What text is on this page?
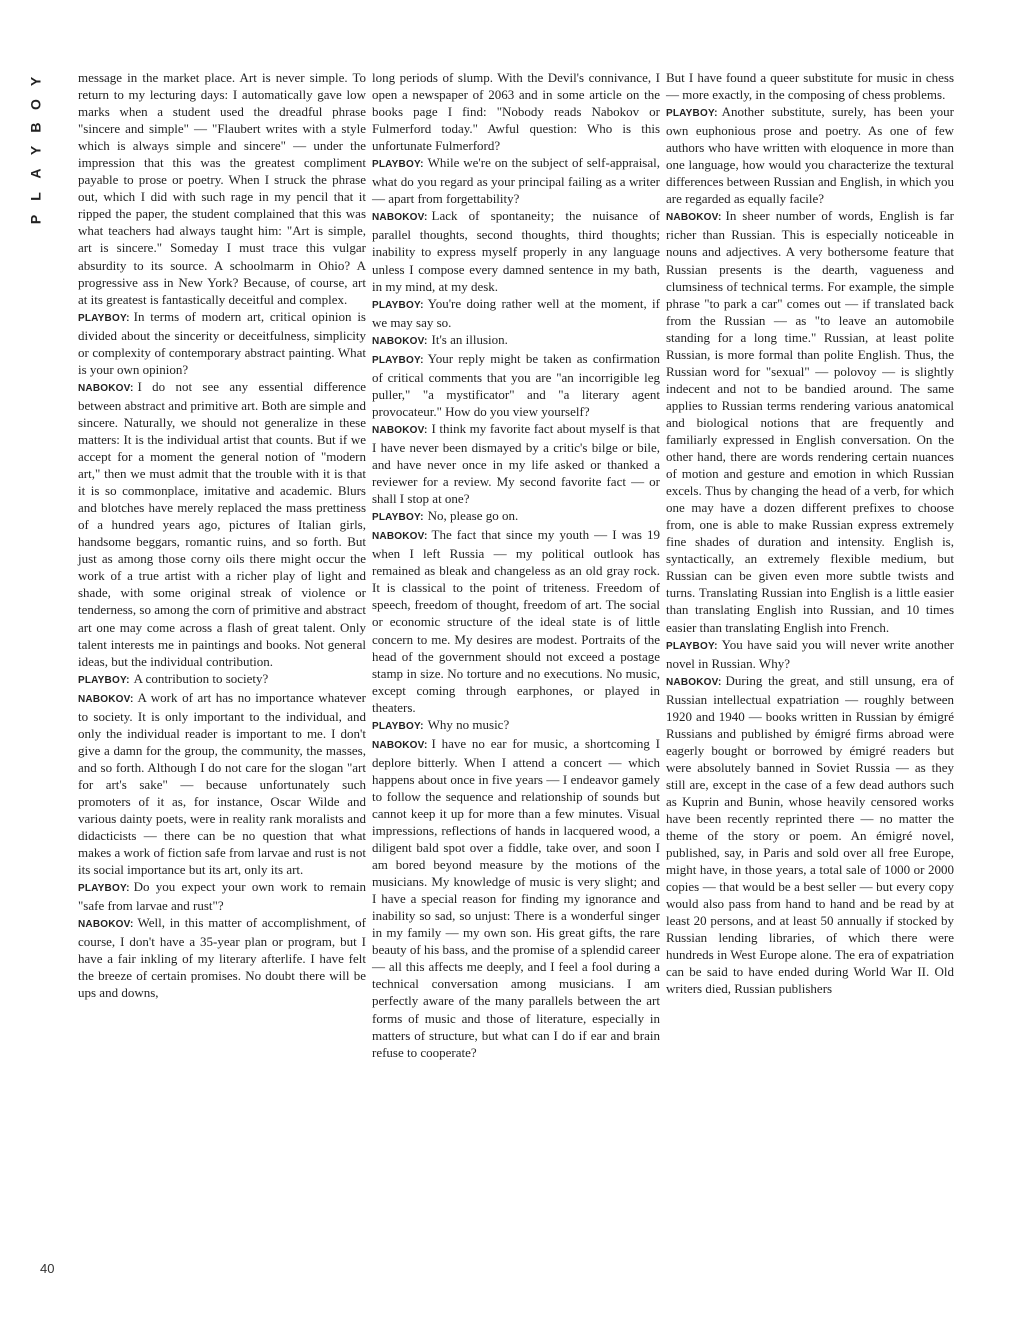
Y
O
B
Y
A
L
P

message in the market place. Art is never simple. To return to my lecturing days: I automatically gave low marks when a student used the dreadful phrase "sincere and simple" — "Flaubert writes with a style which is always simple and sincere" — under the impression that this was the greatest compliment payable to prose or poetry. When I struck the phrase out, which I did with such rage in my pencil that it ripped the paper, the student complained that this was what teachers had always taught him: "Art is simple, art is sincere." Someday I must trace this vulgar absurdity to its source. A schoolmarm in Ohio? A progressive ass in New York? Because, of course, art at its greatest is fantastically deceitful and complex.

PLAYBOY: In terms of modern art, critical opinion is divided about the sincerity or deceitfulness, simplicity or complexity of contemporary abstract painting. What is your own opinion?

NABOKOV: I do not see any essential difference between abstract and primitive art. Both are simple and sincere. Naturally, we should not generalize in these matters: It is the individual artist that counts. But if we accept for a moment the general notion of "modern art," then we must admit that the trouble with it is that it is so commonplace, imitative and academic. Blurs and blotches have merely replaced the mass prettiness of a hundred years ago, pictures of Italian girls, handsome beggars, romantic ruins, and so forth. But just as among those corny oils there might occur the work of a true artist with a richer play of light and shade, with some original streak of violence or tenderness, so among the corn of primitive and abstract art one may come across a flash of great talent. Only talent interests me in paintings and books. Not general ideas, but the individual contribution.

PLAYBOY: A contribution to society?

NABOKOV: A work of art has no importance whatever to society. It is only important to the individual, and only the individual reader is important to me. I don't give a damn for the group, the community, the masses, and so forth. Although I do not care for the slogan "art for art's sake" — because unfortunately such promoters of it as, for instance, Oscar Wilde and various dainty poets, were in reality rank moralists and didacticists — there can be no question that what makes a work of fiction safe from larvae and rust is not its social importance but its art, only its art.

PLAYBOY: Do you expect your own work to remain "safe from larvae and rust"?

NABOKOV: Well, in this matter of accomplishment, of course, I don't have a 35-year plan or program, but I have a fair inkling of my literary afterlife. I have felt the breeze of certain promises. No doubt there will be ups and downs,

long periods of slump. With the Devil's connivance, I open a newspaper of 2063 and in some article on the books page I find: "Nobody reads Nabokov or Fulmerford today." Awful question: Who is this unfortunate Fulmerford?

PLAYBOY: While we're on the subject of self-appraisal, what do you regard as your principal failing as a writer — apart from forgettability?

NABOKOV: Lack of spontaneity; the nuisance of parallel thoughts, second thoughts, third thoughts; inability to express myself properly in any language unless I compose every damned sentence in my bath, in my mind, at my desk.

PLAYBOY: You're doing rather well at the moment, if we may say so.

NABOKOV: It's an illusion.

PLAYBOY: Your reply might be taken as confirmation of critical comments that you are "an incorrigible leg puller," "a mystificator" and "a literary agent provocateur." How do you view yourself?

NABOKOV: I think my favorite fact about myself is that I have never been dismayed by a critic's bilge or bile, and have never once in my life asked or thanked a reviewer for a review. My second favorite fact — or shall I stop at one?

PLAYBOY: No, please go on.

NABOKOV: The fact that since my youth — I was 19 when I left Russia — my political outlook has remained as bleak and changeless as an old gray rock. It is classical to the point of triteness. Freedom of speech, freedom of thought, freedom of art. The social or economic structure of the ideal state is of little concern to me. My desires are modest. Portraits of the head of the government should not exceed a postage stamp in size. No torture and no executions. No music, except coming through earphones, or played in theaters.

PLAYBOY: Why no music?

NABOKOV: I have no ear for music, a shortcoming I deplore bitterly. When I attend a concert — which happens about once in five years — I endeavor gamely to follow the sequence and relationship of sounds but cannot keep it up for more than a few minutes. Visual impressions, reflections of hands in lacquered wood, a diligent bald spot over a fiddle, take over, and soon I am bored beyond measure by the motions of the musicians. My knowledge of music is very slight; and I have a special reason for finding my ignorance and inability so sad, so unjust: There is a wonderful singer in my family — my own son. His great gifts, the rare beauty of his bass, and the promise of a splendid career — all this affects me deeply, and I feel a fool during a technical conversation among musicians. I am perfectly aware of the many parallels between the art forms of music and those of literature, especially in matters of structure, but what can I do if ear and brain refuse to cooperate?

But I have found a queer substitute for music in chess — more exactly, in the composing of chess problems.

PLAYBOY: Another substitute, surely, has been your own euphonious prose and poetry. As one of few authors who have written with eloquence in more than one language, how would you characterize the textural differences between Russian and English, in which you are regarded as equally facile?

NABOKOV: In sheer number of words, English is far richer than Russian. This is especially noticeable in nouns and adjectives. A very bothersome feature that Russian presents is the dearth, vagueness and clumsiness of technical terms. For example, the simple phrase "to park a car" comes out — if translated back from the Russian — as "to leave an automobile standing for a long time." Russian, at least polite Russian, is more formal than polite English. Thus, the Russian word for "sexual" — polovoy — is slightly indecent and not to be bandied around. The same applies to Russian terms rendering various anatomical and biological notions that are frequently and familiarly expressed in English conversation. On the other hand, there are words rendering certain nuances of motion and gesture and emotion in which Russian excels. Thus by changing the head of a verb, for which one may have a dozen different prefixes to choose from, one is able to make Russian express extremely fine shades of duration and intensity. English is, syntactically, an extremely flexible medium, but Russian can be given even more subtle twists and turns. Translating Russian into English is a little easier than translating English into Russian, and 10 times easier than translating English into French.

PLAYBOY: You have said you will never write another novel in Russian. Why?

NABOKOV: During the great, and still unsung, era of Russian intellectual expatriation — roughly between 1920 and 1940 — books written in Russian by émigré Russians and published by émigré firms abroad were eagerly bought or borrowed by émigré readers but were absolutely banned in Soviet Russia — as they still are, except in the case of a few dead authors such as Kuprin and Bunin, whose heavily censored works have been recently reprinted there — no matter the theme of the story or poem. An émigré novel, published, say, in Paris and sold over all free Europe, might have, in those years, a total sale of 1000 or 2000 copies — that would be a best seller — but every copy would also pass from hand to hand and be read by at least 20 persons, and at least 50 annually if stocked by Russian lending libraries, of which there were hundreds in West Europe alone. The era of expatriation can be said to have ended during World War II. Old writers died, Russian publishers

40
